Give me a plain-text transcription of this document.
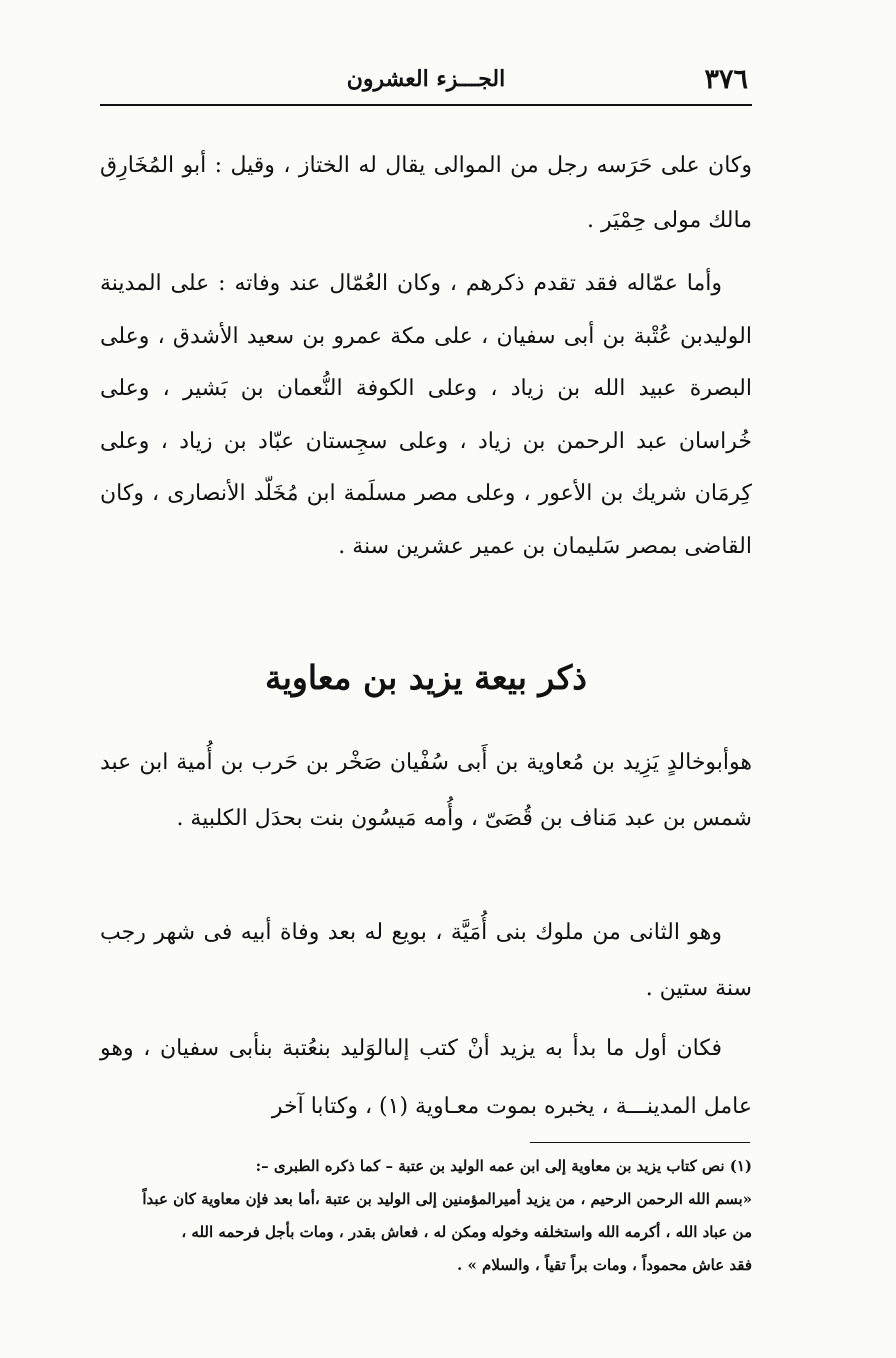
٣٧٦
الجـــزء العشرون

وكان على حَرَسه رجل من الموالى يقال له الختاز ، وقيل : أبو المُخَارِق مالك مولى حِمْيَر .

وأما عمّاله فقد تقدم ذكرهم ، وكان العُمّال عند وفاته : على المدينة الوليدبن عُتْبة بن أبى سفيان ، على مكة عمرو بن سعيد الأشدق ، وعلى البصرة عبيد الله بن زياد ، وعلى الكوفة النُّعمان بن بَشير ، وعلى خُراسان عبد الرحمن بن زياد ، وعلى سجِستان عبّاد بن زياد ، وعلى كِرمَان شريك بن الأعور ، وعلى مصر مسلَمة ابن مُخَلّد الأنصارى ، وكان القاضى بمصر سَليمان بن عمير عشرين سنة .

ذكر بيعة يزيد بن معاوية

هوأبوخالدٍ يَزِيد بن مُعاوية بن أَبى سُفْيان صَخْر بن حَرب بن أُمية ابن عبد شمس بن عبد مَناف بن قُصَىّ ، وأُمه مَيسُون بنت بحدَل الكلبية .

وهو الثانى من ملوك بنى أُمَيَّة ، بويع له بعد وفاة أبيه فى شهر رجب سنة ستين .

فكان أول ما بدأ به يزيد أنْ كتب إلىالوَليد بنعُتبة بنأبى سفيان ، وهو عامل المدينـــة ، يخبره بموت معـاوية (١) ، وكتابا آخر

(١) نص كتاب يزيد بن معاوية إلى ابن عمه الوليد بن عتبة – كما ذكره الطبرى –:

«بسم الله الرحمن الرحيم ، من يزيد أميرالمؤمنين إلى الوليد بن عتبة ،أما بعد فإن معاوية كان عبداً

من عباد الله ، أكرمه الله واستخلفه وخوله ومكن له ، فعاش بقدر ، ومات بأجل فرحمه الله ،

فقد عاش محموداً ، ومات براً تقياً ، والسلام » .
